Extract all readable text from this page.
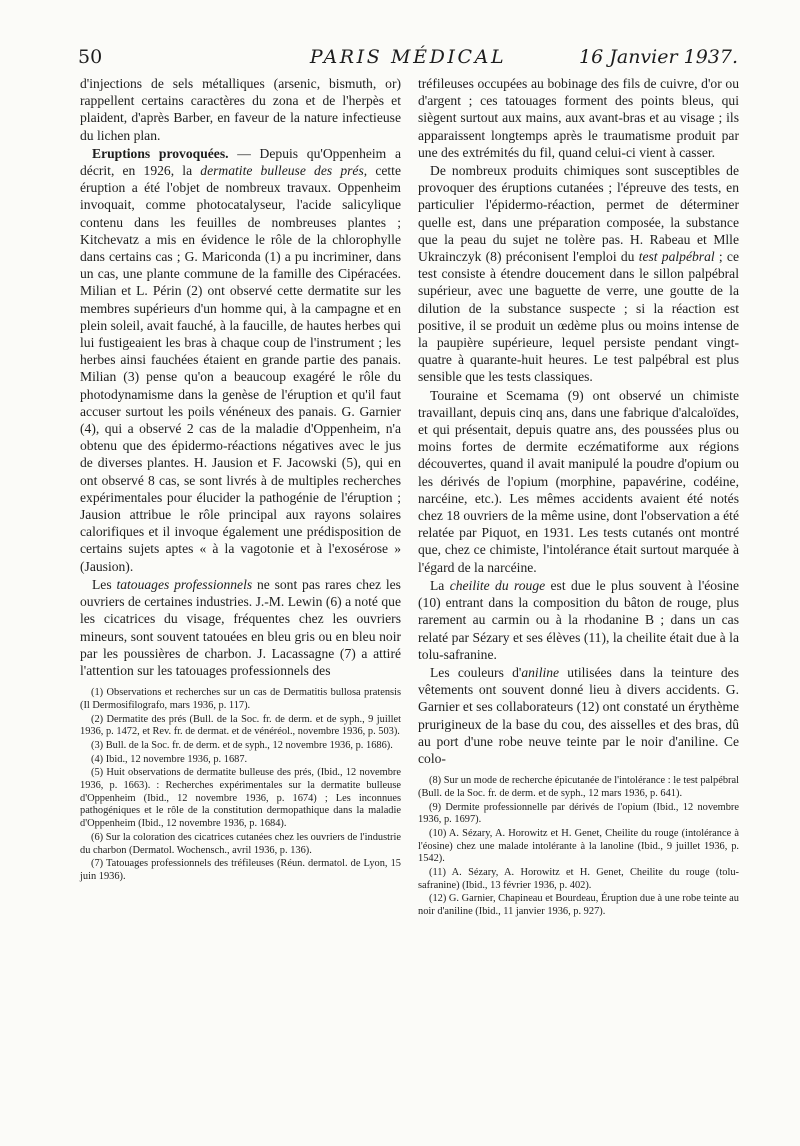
50	PARIS MÉDICAL	16 Janvier 1937.

d'injections de sels métalliques (arsenic, bismuth, or) rappellent certains caractères du zona et de l'herpès et plaident, d'après Barber, en faveur de la nature infectieuse du lichen plan.

Eruptions provoquées. — Depuis qu'Oppenheim a décrit, en 1926, la dermatite bulleuse des prés, cette éruption a été l'objet de nombreux travaux. Oppenheim invoquait, comme photocatalyseur, l'acide salicylique contenu dans les feuilles de nombreuses plantes ; Kitchevatz a mis en évidence le rôle de la chlorophylle dans certains cas ; G. Mariconda (1) a pu incriminer, dans un cas, une plante commune de la famille des Cipéracées. Milian et L. Périn (2) ont observé cette dermatite sur les membres supérieurs d'un homme qui, à la campagne et en plein soleil, avait fauché, à la faucille, de hautes herbes qui lui fustigeaient les bras à chaque coup de l'instrument ; les herbes ainsi fauchées étaient en grande partie des panais. Milian (3) pense qu'on a beaucoup exagéré le rôle du photodynamisme dans la genèse de l'éruption et qu'il faut accuser surtout les poils vénéneux des panais. G. Garnier (4), qui a observé 2 cas de la maladie d'Oppenheim, n'a obtenu que des épidermo-réactions négatives avec le jus de diverses plantes. H. Jausion et F. Jacowski (5), qui en ont observé 8 cas, se sont livrés à de multiples recherches expérimentales pour élucider la pathogénie de l'éruption ; Jausion attribue le rôle principal aux rayons solaires calorifiques et il invoque également une prédisposition de certains sujets aptes « à la vagotonie et à l'exosérose » (Jausion).

Les tatouages professionnels ne sont pas rares chez les ouvriers de certaines industries. J.-M. Lewin (6) a noté que les cicatrices du visage, fréquentes chez les ouvriers mineurs, sont souvent tatouées en bleu gris ou en bleu noir par les poussières de charbon. J. Lacassagne (7) a attiré l'attention sur les tatouages professionnels des

(1) Observations et recherches sur un cas de Dermatitis bullosa pratensis (Il Dermosifilografo, mars 1936, p. 117).

(2) Dermatite des prés (Bull. de la Soc. fr. de derm. et de syph., 9 juillet 1936, p. 1472, et Rev. fr. de dermat. et de vénéréol., novembre 1936, p. 503).

(3) Bull. de la Soc. fr. de derm. et de syph., 12 novembre 1936, p. 1686).

(4) Ibid., 12 novembre 1936, p. 1687.

(5) Huit observations de dermatite bulleuse des prés, (Ibid., 12 novembre 1936, p. 1663). : Recherches expérimentales sur la dermatite bulleuse d'Oppenheim (Ibid., 12 novembre 1936, p. 1674) ; Les inconnues pathogéniques et le rôle de la constitution dermopathique dans la maladie d'Oppenheim (Ibid., 12 novembre 1936, p. 1684).

(6) Sur la coloration des cicatrices cutanées chez les ouvriers de l'industrie du charbon (Dermatol. Wochensch., avril 1936, p. 136).

(7) Tatouages professionnels des tréfileuses (Réun. dermatol. de Lyon, 15 juin 1936).

tréfileuses occupées au bobinage des fils de cuivre, d'or ou d'argent ; ces tatouages forment des points bleus, qui siègent surtout aux mains, aux avant-bras et au visage ; ils apparaissent longtemps après le traumatisme produit par une des extrémités du fil, quand celui-ci vient à casser.

De nombreux produits chimiques sont susceptibles de provoquer des éruptions cutanées ; l'épreuve des tests, en particulier l'épidermo-réaction, permet de déterminer quelle est, dans une préparation composée, la substance que la peau du sujet ne tolère pas. H. Rabeau et Mlle Ukrainczyk (8) préconisent l'emploi du test palpébral ; ce test consiste à étendre doucement dans le sillon palpébral supérieur, avec une baguette de verre, une goutte de la dilution de la substance suspecte ; si la réaction est positive, il se produit un œdème plus ou moins intense de la paupière supérieure, lequel persiste pendant vingt-quatre à quarante-huit heures. Le test palpébral est plus sensible que les tests classiques.

Touraine et Scemama (9) ont observé un chimiste travaillant, depuis cinq ans, dans une fabrique d'alcaloïdes, et qui présentait, depuis quatre ans, des poussées plus ou moins fortes de dermite eczématiforme aux régions découvertes, quand il avait manipulé la poudre d'opium ou les dérivés de l'opium (morphine, papavérine, codéine, narcéine, etc.). Les mêmes accidents avaient été notés chez 18 ouvriers de la même usine, dont l'observation a été relatée par Piquot, en 1931. Les tests cutanés ont montré que, chez ce chimiste, l'intolérance était surtout marquée à l'égard de la narcéine.

La cheilite du rouge est due le plus souvent à l'éosine (10) entrant dans la composition du bâton de rouge, plus rarement au carmin ou à la rhodanine B ; dans un cas relaté par Sézary et ses élèves (11), la cheilite était due à la tolu-safranine.

Les couleurs d'aniline utilisées dans la teinture des vêtements ont souvent donné lieu à divers accidents. G. Garnier et ses collaborateurs (12) ont constaté un érythème prurigineux de la base du cou, des aisselles et des bras, dû au port d'une robe neuve teinte par le noir d'aniline. Ce colo-

(8) Sur un mode de recherche épicutanée de l'intolérance : le test palpébral (Bull. de la Soc. fr. de derm. et de syph., 12 mars 1936, p. 641).

(9) Dermite professionnelle par dérivés de l'opium (Ibid., 12 novembre 1936, p. 1697).

(10) A. Sézary, A. Horowitz et H. Genet, Cheilite du rouge (intolérance à l'éosine) chez une malade intolérante à la lanoline (Ibid., 9 juillet 1936, p. 1542).

(11) A. Sézary, A. Horowitz et H. Genet, Cheilite du rouge (tolu-safranine) (Ibid., 13 février 1936, p. 402).

(12) G. Garnier, Chapineau et Bourdeau, Éruption due à une robe teinte au noir d'aniline (Ibid., 11 janvier 1936, p. 927).
